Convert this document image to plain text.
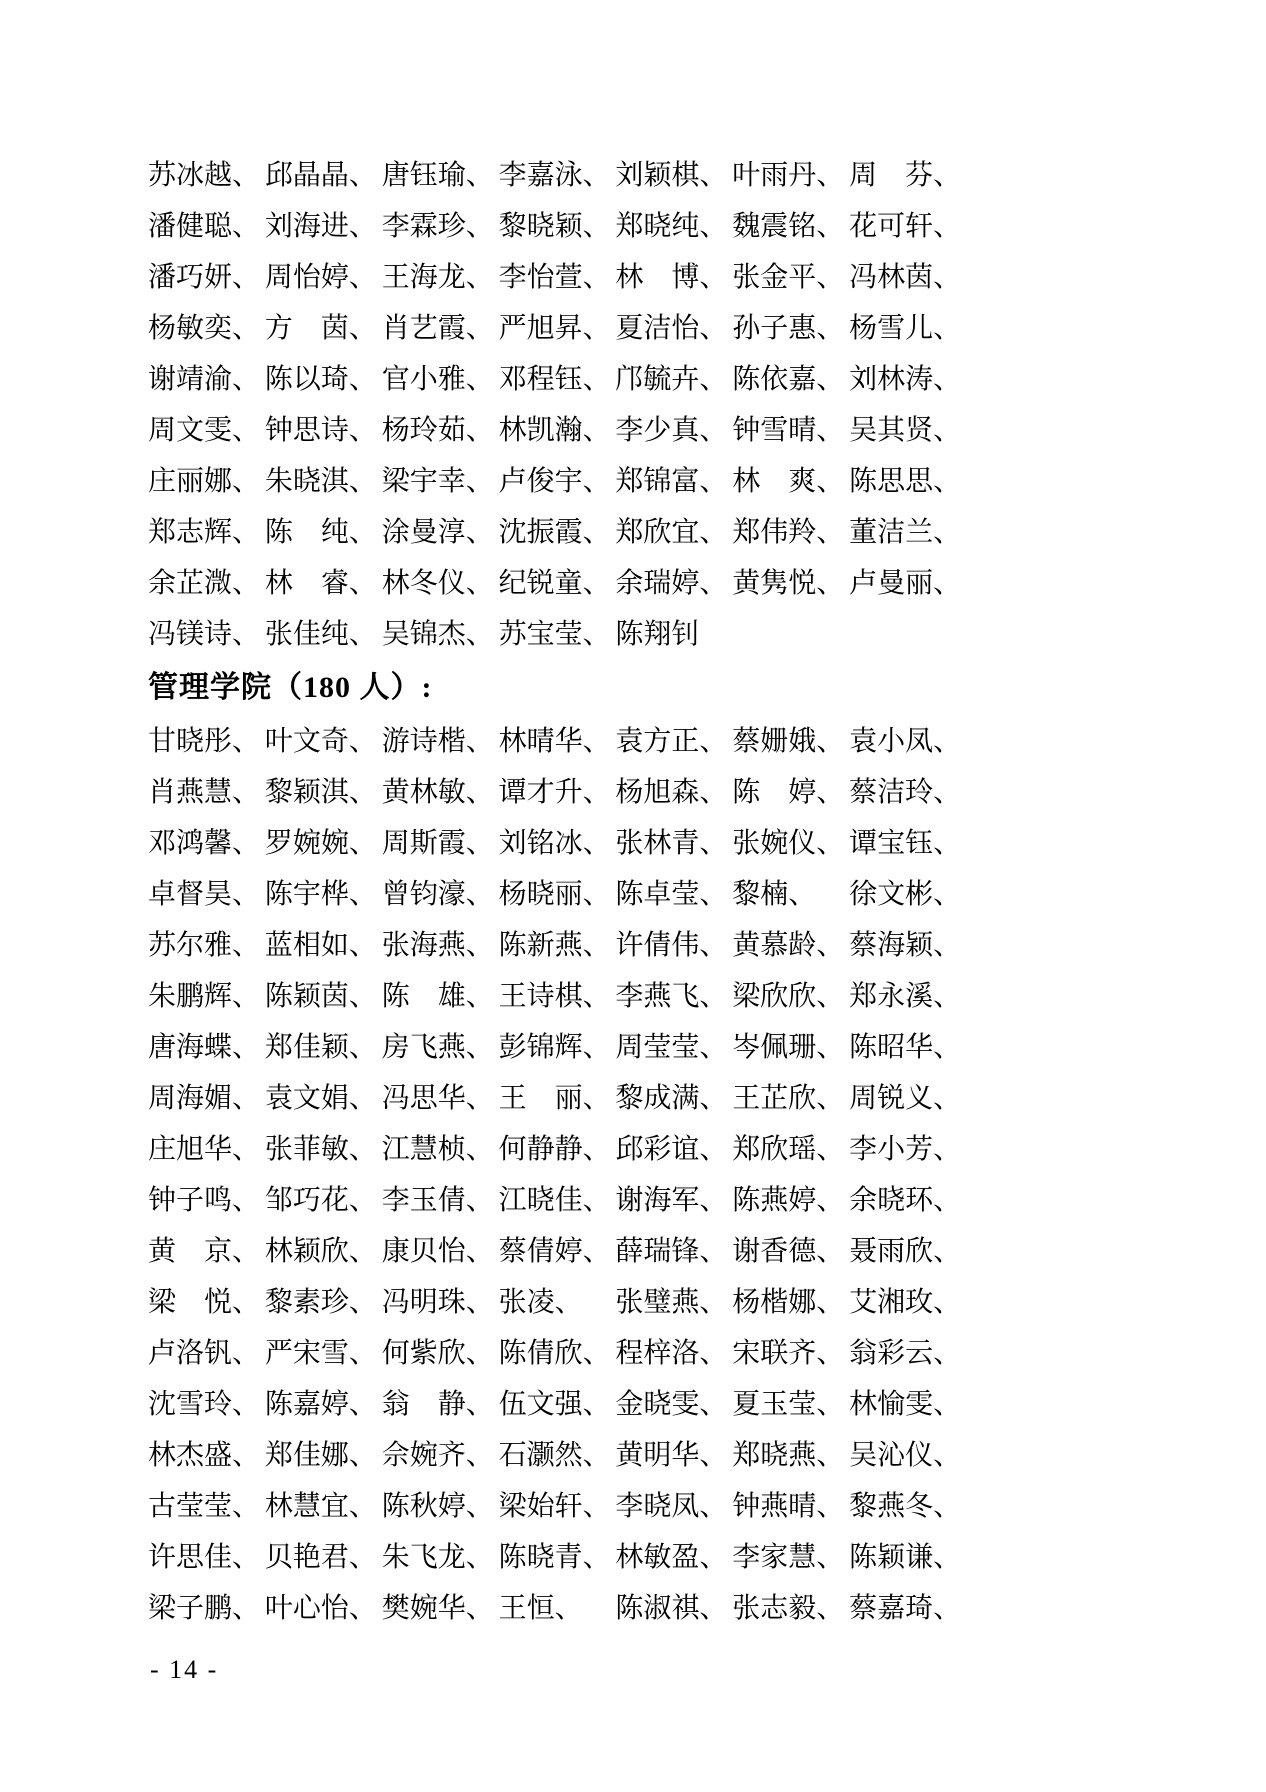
苏冰越、 邱晶晶、 唐钰瑜、 李嘉泳、 刘颖棋、 叶雨丹、 周　芬、
潘健聪、 刘海进、 李霖珍、 黎晓颖、 郑晓纯、 魏震铭、 花可轩、
潘巧妍、 周怡婷、 王海龙、 李怡萱、 林　博、 张金平、 冯林茵、
杨敏奕、 方　茵、 肖艺霞、 严旭昇、 夏洁怡、 孙子惠、 杨雪儿、
谢靖渝、 陈以琦、 官小雅、 邓程钰、 邝毓卉、 陈依嘉、 刘林涛、
周文雯、 钟思诗、 杨玲茹、 林凯瀚、 李少真、 钟雪晴、 吴其贤、
庄丽娜、 朱晓淇、 梁宇幸、 卢俊宇、 郑锦富、 林　爽、 陈思思、
郑志辉、 陈　纯、 涂曼淳、 沈振霞、 郑欣宜、 郑伟羚、 董洁兰、
余芷溦、 林　睿、 林冬仪、 纪锐童、 余瑞婷、 黄隽悦、 卢曼丽、
冯镁诗、 张佳纯、 吴锦杰、 苏宝莹、 陈翔钊
管理学院（180 人）:
甘晓彤、 叶文奇、 游诗楷、 林晴华、 袁方正、 蔡姗娥、 袁小凤、
肖燕慧、 黎颖淇、 黄林敏、 谭才升、 杨旭森、 陈　婷、 蔡洁玲、
邓鸿馨、 罗婉婉、 周斯霞、 刘铭冰、 张林青、 张婉仪、 谭宝钰、
卓督昊、 陈宇桦、 曾钧濠、 杨晓丽、 陈卓莹、 黎楠、	徐文彬、
苏尔雅、 蓝相如、 张海燕、 陈新燕、 许倩伟、 黄慕龄、 蔡海颖、
朱鹏辉、 陈颖茵、 陈　雄、 王诗棋、 李燕飞、 梁欣欣、 郑永溪、
唐海蝶、 郑佳颖、 房飞燕、 彭锦辉、 周莹莹、 岑佩珊、 陈昭华、
周海媚、 袁文娟、 冯思华、 王　丽、 黎成满、 王芷欣、 周锐义、
庄旭华、 张菲敏、 江慧桢、 何静静、 邱彩谊、 郑欣瑶、 李小芳、
钟子鸣、 邹巧花、 李玉倩、 江晓佳、 谢海军、 陈燕婷、 余晓环、
黄　京、 林颖欣、 康贝怡、 蔡倩婷、 薛瑞锋、 谢香德、 聂雨欣、
梁　悦、 黎素珍、 冯明珠、 张凌、	张璧燕、 杨楷娜、 艾湘玫、
卢洛钒、 严宋雪、 何紫欣、 陈倩欣、 程梓洛、 宋联齐、 翁彩云、
沈雪玲、 陈嘉婷、 翁　静、 伍文强、 金晓雯、 夏玉莹、 林愉雯、
林杰盛、 郑佳娜、 佘婉齐、 石灏然、 黄明华、 郑晓燕、 吴沁仪、
古莹莹、 林慧宜、 陈秋婷、 梁始轩、 李晓凤、 钟燕晴、 黎燕冬、
许思佳、 贝艳君、 朱飞龙、 陈晓青、 林敏盈、 李家慧、 陈颖谦、
梁子鹏、 叶心怡、 樊婉华、 王恒、	陈淑祺、 张志毅、 蔡嘉琦、
- 14 -
